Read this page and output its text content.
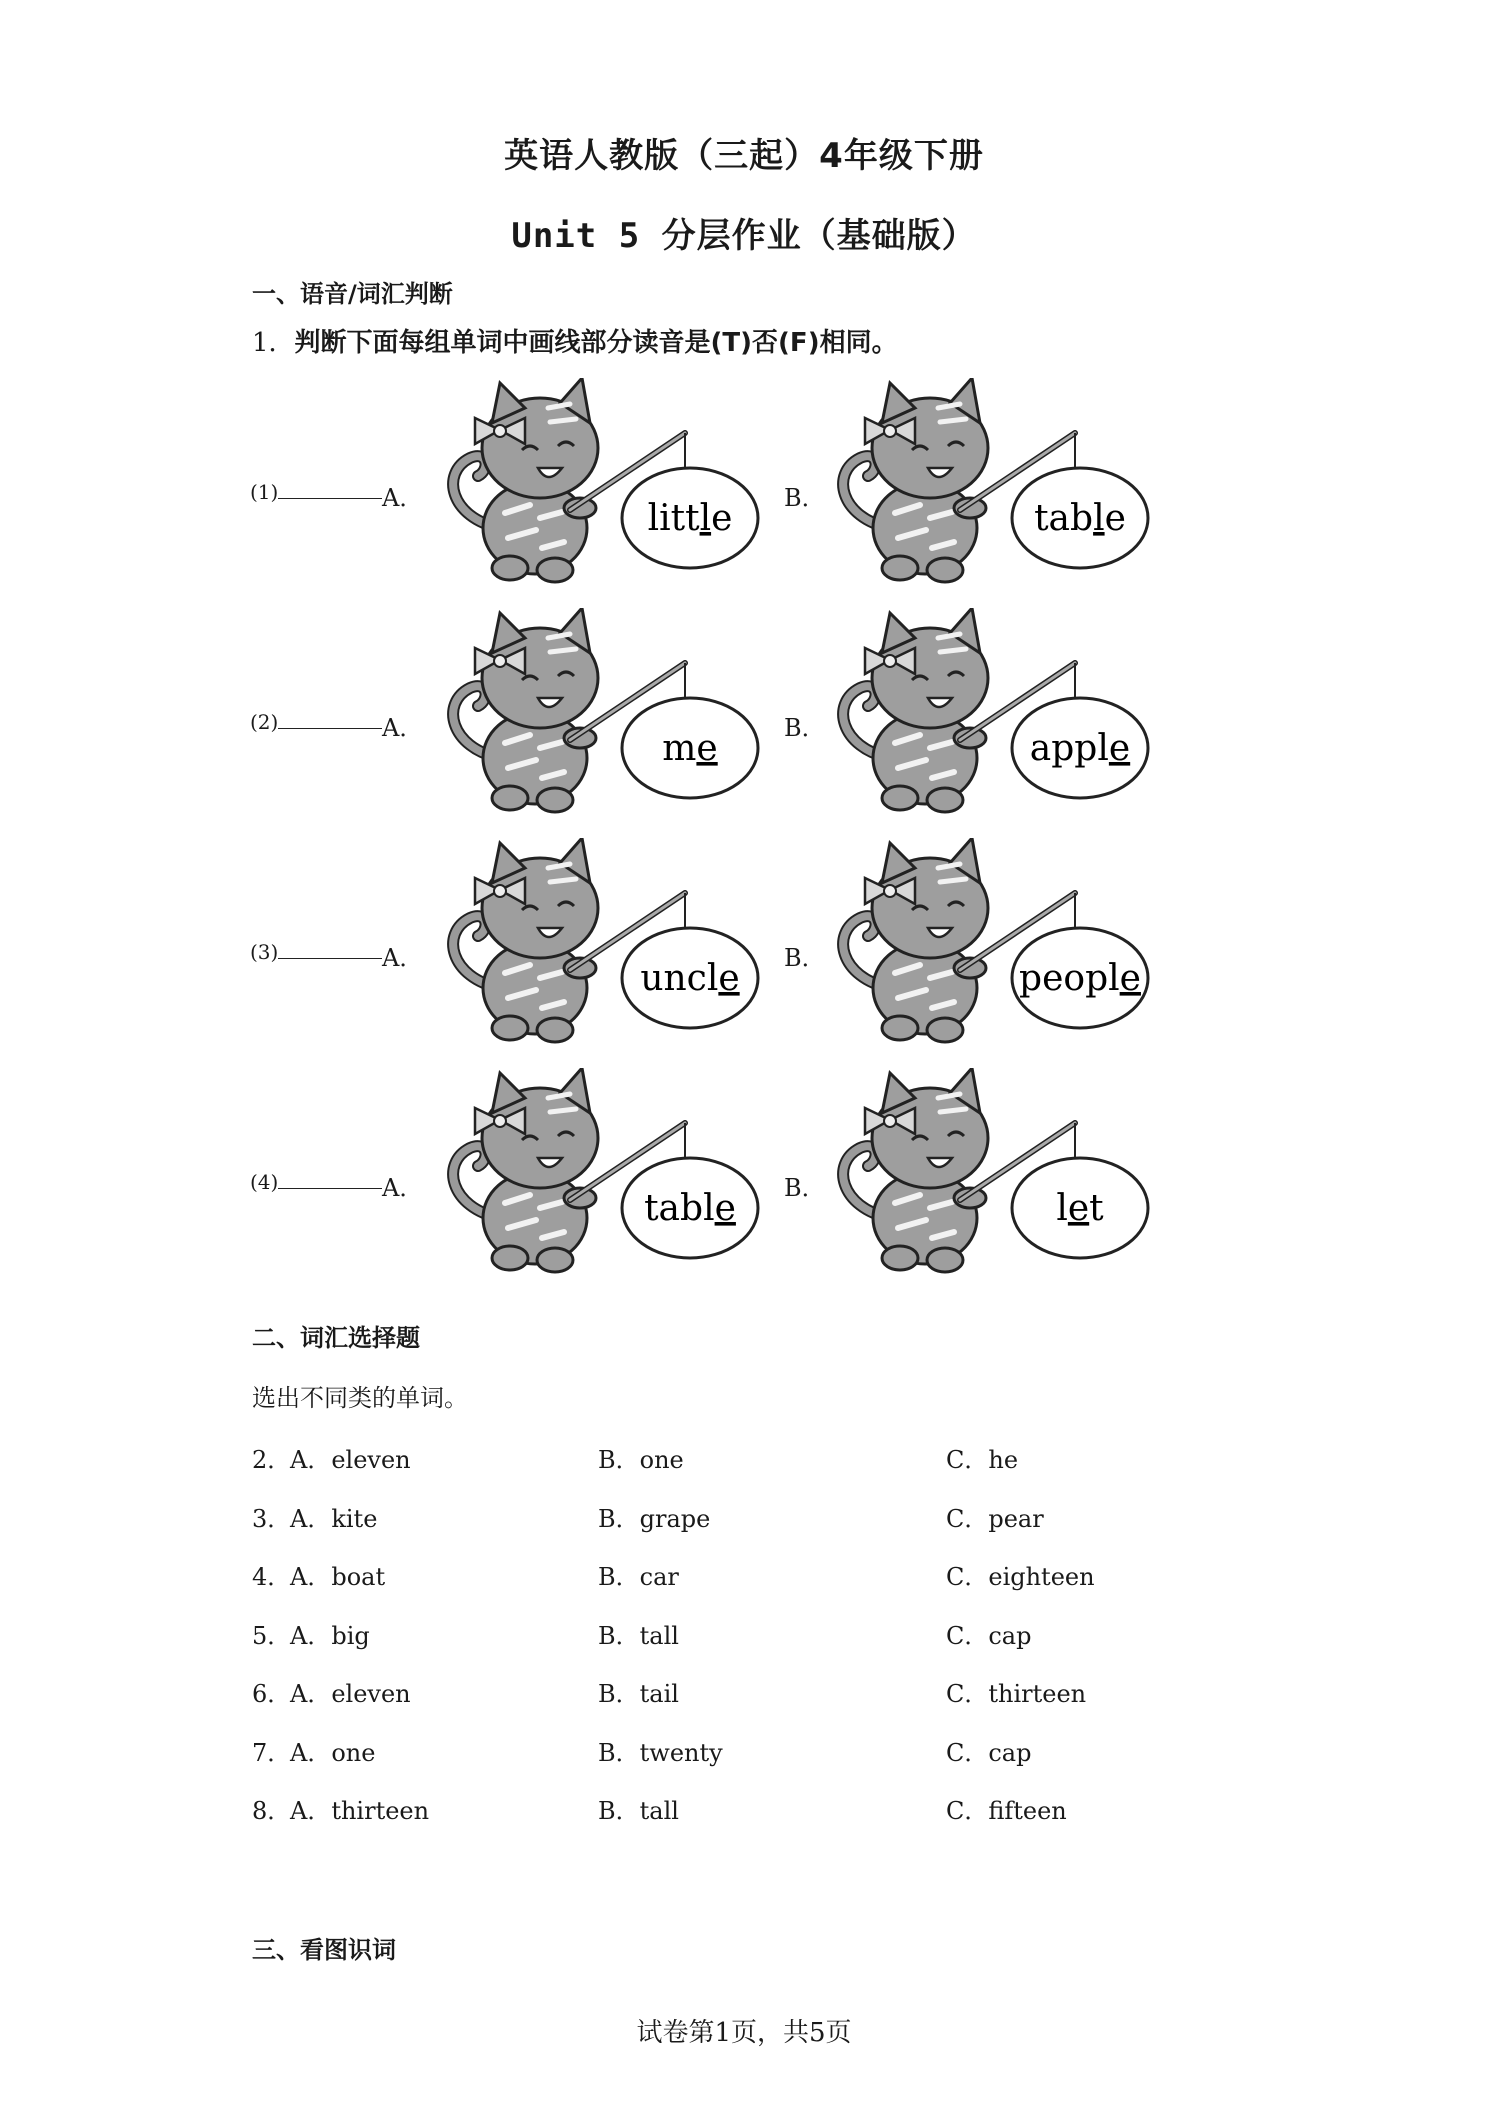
英语人教版（三起）4年级下册
Unit 5 分层作业（基础版）
一、语音/词汇判断
1．判断下面每组单词中画线部分读音是(T)否(F)相同。
(1)	A．	little B．	table
(2)	A．	me	B．	apple
(3)	A．	uncle B．	people
(4)	A．	table B．	let
二、词汇选择题
选出不同类的单词。
2．
A．eleven	B．one	C．he
3．
A．kite	B．grape	C．pear
4．
A．boat	B．car	C．eighteen
5．
A．big	B．tall	C．cap
6．
A．eleven	B．tail	C．thirteen
7．
A．one	B．twenty	C．cap
8．
A．thirteen	B．tall	C．fifteen
三、看图识词
试卷第1页，共5页
